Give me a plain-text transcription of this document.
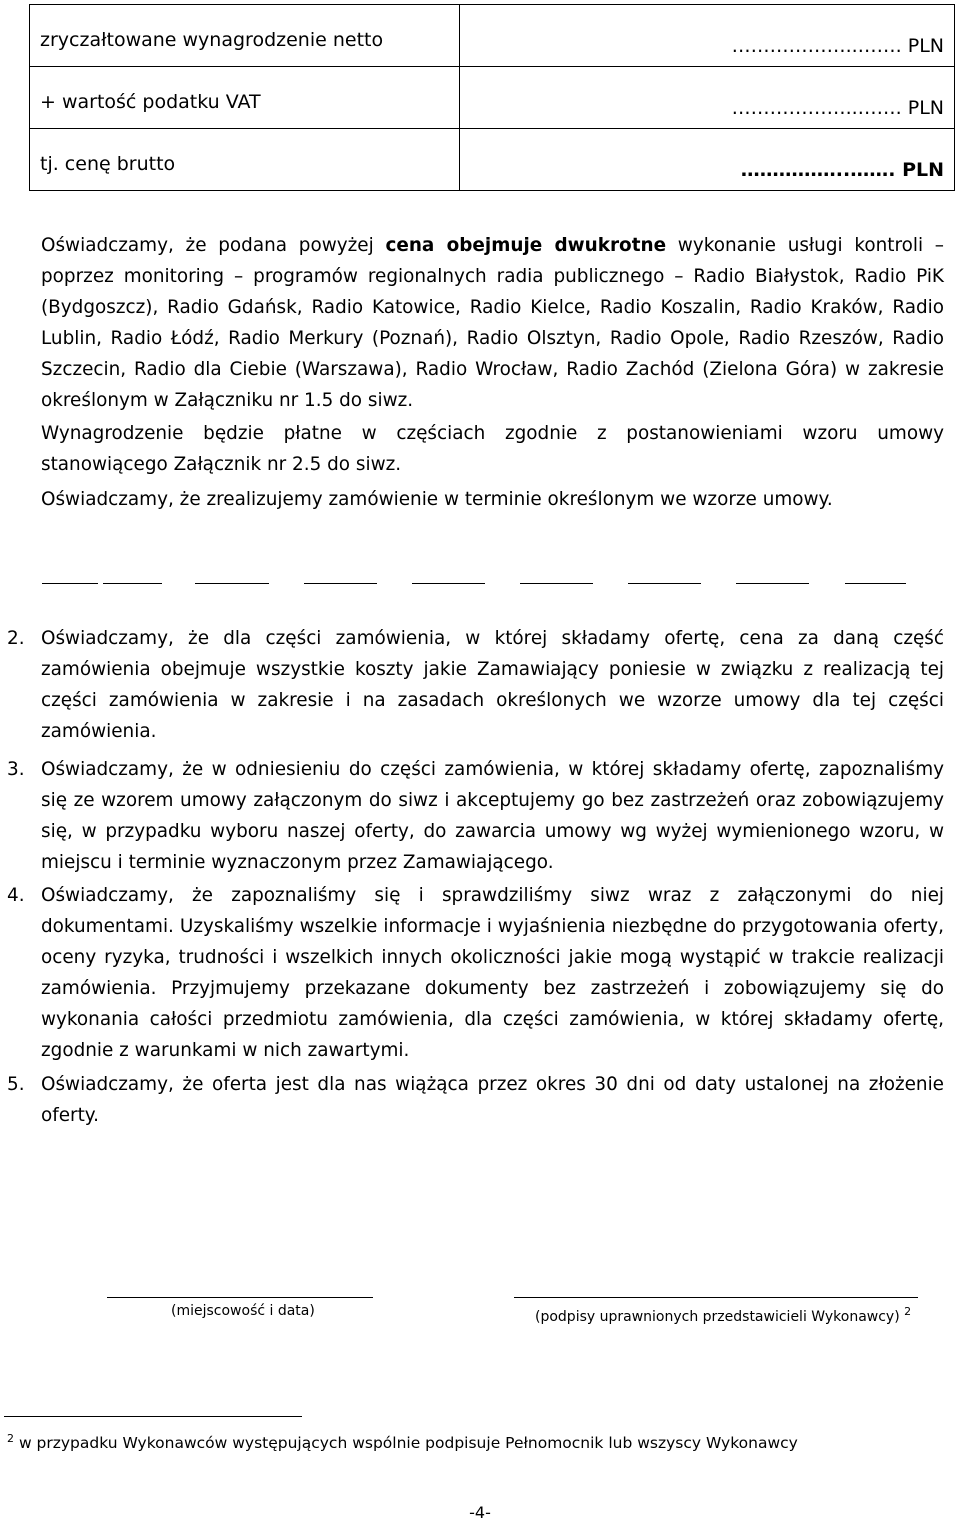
zryczałtowane wynagrodzenie netto	………………..……. PLN
+ wartość podatku VAT	………………..……. PLN
tj. cenę brutto	……………..……. PLN

Oświadczamy, że podana powyżej cena obejmuje dwukrotne wykonanie usługi kontroli – poprzez monitoring – programów regionalnych radia publicznego – Radio Białystok, Radio PiK (Bydgoszcz), Radio Gdańsk, Radio Katowice, Radio Kielce, Radio Koszalin, Radio Kraków, Radio Lublin, Radio Łódź, Radio Merkury (Poznań), Radio Olsztyn, Radio Opole, Radio Rzeszów, Radio Szczecin, Radio dla Ciebie (Warszawa), Radio Wrocław, Radio Zachód (Zielona Góra) w zakresie określonym w Załączniku nr 1.5 do siwz.

Wynagrodzenie będzie płatne w częściach zgodnie z postanowieniami wzoru umowy stanowiącego Załącznik nr 2.5 do siwz.

Oświadczamy, że zrealizujemy zamówienie w terminie określonym we wzorze umowy.

2. Oświadczamy, że dla części zamówienia, w której składamy ofertę, cena za daną część zamówienia obejmuje wszystkie koszty jakie Zamawiający poniesie w związku z realizacją tej części zamówienia w zakresie i na zasadach określonych we wzorze umowy dla tej części zamówienia.

3. Oświadczamy, że w odniesieniu do części zamówienia, w której składamy ofertę, zapoznaliśmy się ze wzorem umowy załączonym do siwz i akceptujemy go bez zastrzeżeń oraz zobowiązujemy się, w przypadku wyboru naszej oferty, do zawarcia umowy wg wyżej wymienionego wzoru, w miejscu i terminie wyznaczonym przez Zamawiającego.

4. Oświadczamy, że zapoznaliśmy się i sprawdziliśmy siwz wraz z załączonymi do niej dokumentami. Uzyskaliśmy wszelkie informacje i wyjaśnienia niezbędne do przygotowania oferty, oceny ryzyka, trudności i wszelkich innych okoliczności jakie mogą wystąpić w trakcie realizacji zamówienia. Przyjmujemy przekazane dokumenty bez zastrzeżeń i zobowiązujemy się do wykonania całości przedmiotu zamówienia, dla części zamówienia, w której składamy ofertę, zgodnie z warunkami w nich zawartymi.

5. Oświadczamy, że oferta jest dla nas wiążąca przez okres 30 dni od daty ustalonej na złożenie oferty.

(miejscowość i data)	(podpisy uprawnionych przedstawicieli Wykonawcy) $^2$
$^2$ w przypadku Wykonawców występujących wspólnie podpisuje Pełnomocnik lub wszyscy Wykonawcy
-4-
